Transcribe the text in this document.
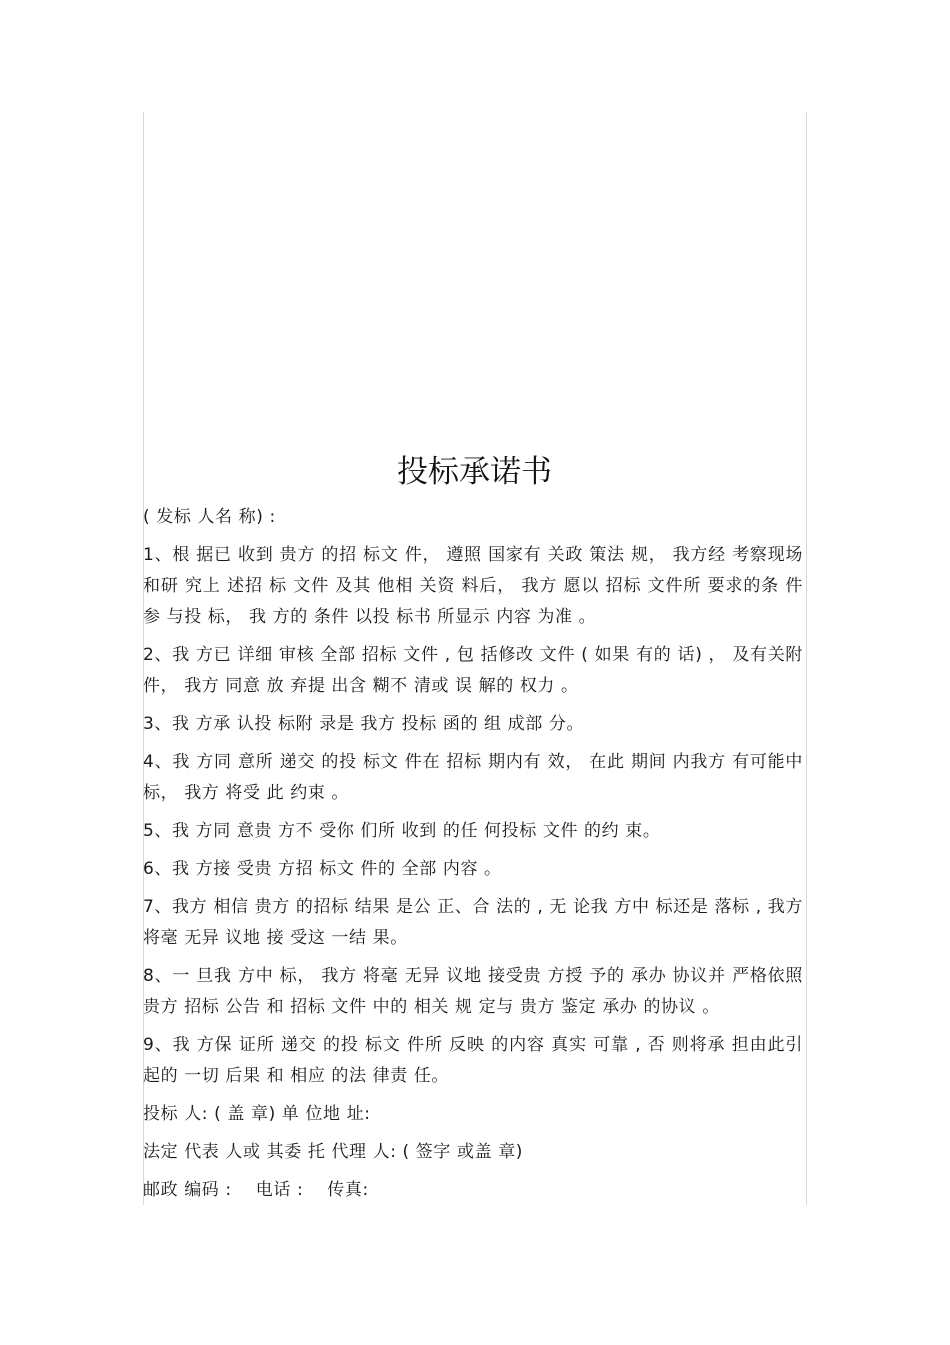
投标承诺书

( 发标 人名 称) :

1、根 据已 收到 贵方 的招 标文 件， 遵照 国家有 关政 策法 规， 我方经 考察现场 和研 究上 述招 标 文件 及其 他相 关资 料后， 我方 愿以 招标 文件所 要求的条 件参 与投 标， 我 方的 条件 以投 标书 所显示 内容 为准 。

2、我 方已 详细 审核 全部 招标 文件 , 包 括修改 文件 ( 如果 有的 话) ， 及有关附 件， 我方 同意 放 弃提 出含 糊不 清或 误 解的 权力 。

3、我 方承 认投 标附 录是 我方 投标 函的 组 成部 分。

4、我 方同 意所 递交 的投 标文 件在 招标 期内有 效， 在此 期间 内我方 有可能中 标， 我方 将受 此 约束 。

5、我 方同 意贵 方不 受你 们所 收到 的任 何投标 文件 的约 束。

6、我 方接 受贵 方招 标文 件的 全部 内容 。

7、我方 相信 贵方 的招标 结果 是公 正、合 法的 , 无 论我 方中 标还是 落标 , 我方 将毫 无异 议地 接 受这 一结 果。

8、一 旦我 方中 标， 我方 将毫 无异 议地 接受贵 方授 予的 承办 协议并 严格依照 贵方 招标 公告 和 招标 文件 中的 相关 规 定与 贵方 鉴定 承办 的协议 。

9、我 方保 证所 递交 的投 标文 件所 反映 的内容 真实 可靠 , 否 则将承 担由此引 起的 一切 后果 和 相应 的法 律责 任。

投标 人: ( 盖 章) 单 位地 址:

法定 代表 人或 其委 托 代理 人: ( 签字 或盖 章)

邮政 编码 :    电话 :    传真:
